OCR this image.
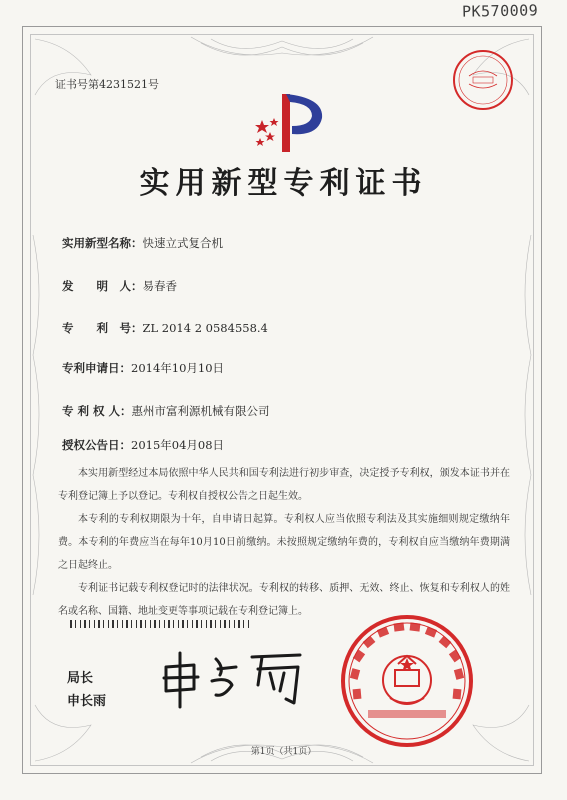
PK570009
证书号第4231521号
实用新型专利证书
实用新型名称：快速立式复合机
发　　明　人：易春香
专　　利　号：ZL 2014 2 0584558.4
专利申请日：2014年10月10日
专 利 权 人：惠州市富利源机械有限公司
授权公告日：2015年04月08日

本实用新型经过本局依照中华人民共和国专利法进行初步审查，决定授予专利权，颁发本证书并在专利登记簿上予以登记。专利权自授权公告之日起生效。

本专利的专利权期限为十年，自申请日起算。专利权人应当依照专利法及其实施细则规定缴纳年费。本专利的年费应当在每年10月10日前缴纳。未按照规定缴纳年费的，专利权自应当缴纳年费期满之日起终止。

专利证书记载专利权登记时的法律状况。专利权的转移、质押、无效、终止、恢复和专利权人的姓名或名称、国籍、地址变更等事项记载在专利登记簿上。

局长
申长雨
第1页（共1页）
